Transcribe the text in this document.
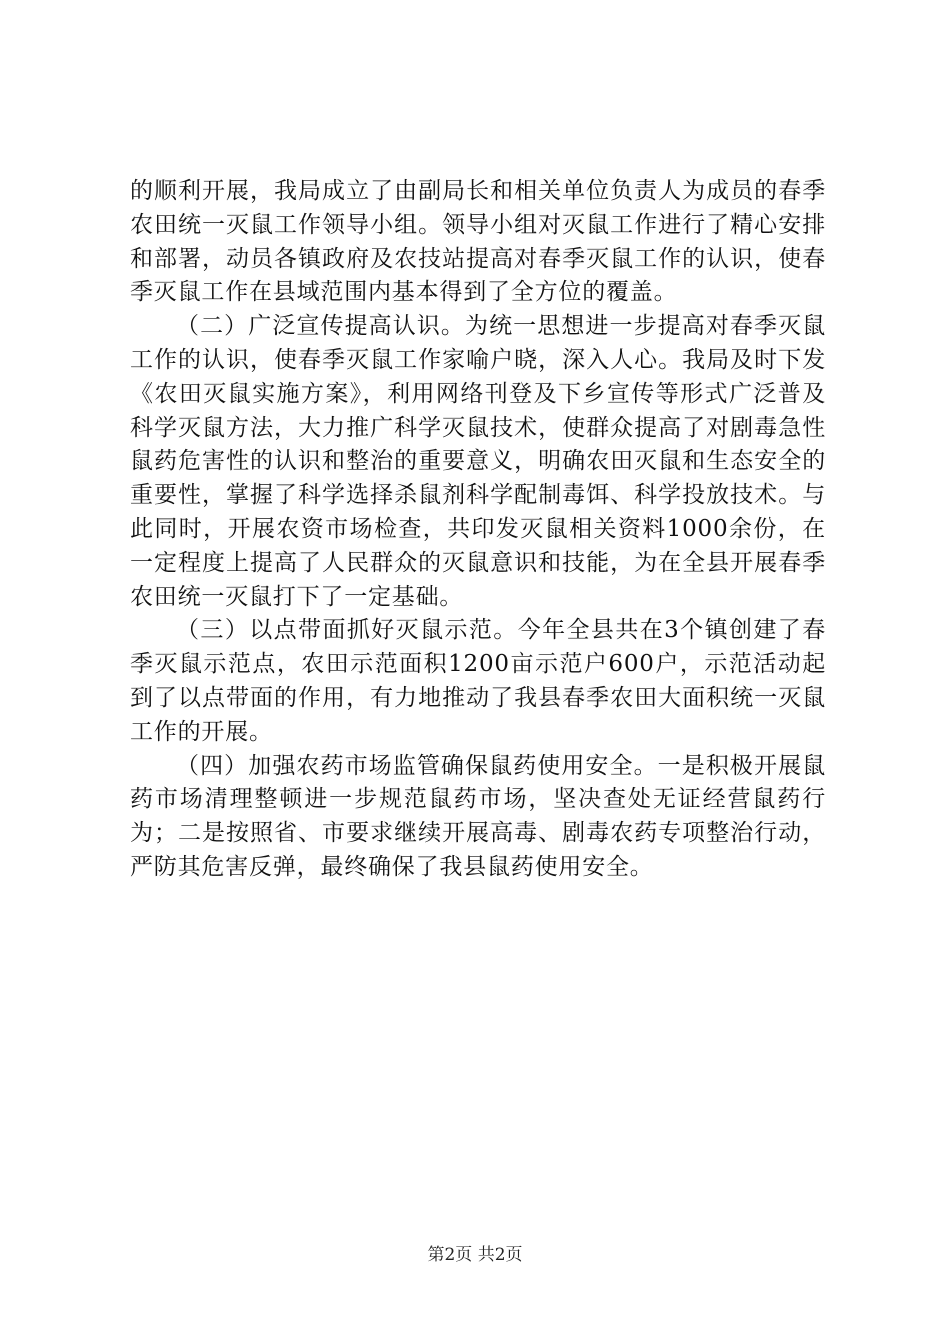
的顺利开展，我局成立了由副局长和相关单位负责人为成员的春季农田统一灭鼠工作领导小组。领导小组对灭鼠工作进行了精心安排和部署，动员各镇政府及农技站提高对春季灭鼠工作的认识，使春季灭鼠工作在县域范围内基本得到了全方位的覆盖。

（二）广泛宣传提高认识。为统一思想进一步提高对春季灭鼠工作的认识，使春季灭鼠工作家喻户晓，深入人心。我局及时下发《农田灭鼠实施方案》，利用网络刊登及下乡宣传等形式广泛普及科学灭鼠方法，大力推广科学灭鼠技术，使群众提高了对剧毒急性鼠药危害性的认识和整治的重要意义，明确农田灭鼠和生态安全的重要性，掌握了科学选择杀鼠剂科学配制毒饵、科学投放技术。与此同时，开展农资市场检查，共印发灭鼠相关资料1000余份，在一定程度上提高了人民群众的灭鼠意识和技能，为在全县开展春季农田统一灭鼠打下了一定基础。

（三）以点带面抓好灭鼠示范。今年全县共在3个镇创建了春季灭鼠示范点，农田示范面积1200亩示范户600户，示范活动起到了以点带面的作用，有力地推动了我县春季农田大面积统一灭鼠工作的开展。

（四）加强农药市场监管确保鼠药使用安全。一是积极开展鼠药市场清理整顿进一步规范鼠药市场，坚决查处无证经营鼠药行为；二是按照省、市要求继续开展高毒、剧毒农药专项整治行动，严防其危害反弹，最终确保了我县鼠药使用安全。

第2页 共2页
